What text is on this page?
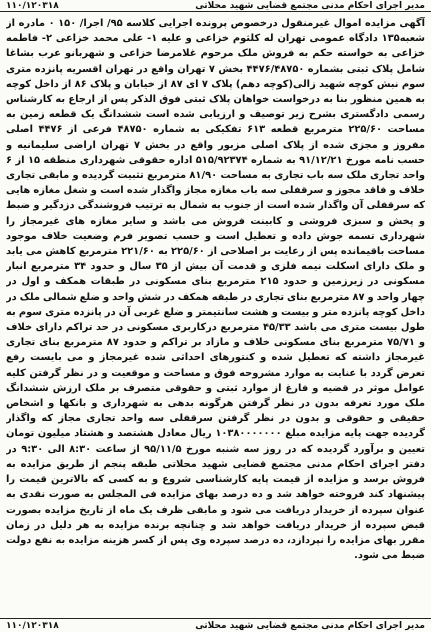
مدیر اجرای احکام مدنی مجتمع قضایی شهید محلاتی
۱۱۰/۱۲۰۳۱۸
آگهی مزایده اموال غیرمنقول درخصوص پرونده اجرایی کلاسه ۹۵/ اجرا/ ۱۵۰ ۰ مادره از شعبه۱۳۵ دادگاه عمومی تهران له کلثوم خزاعی و علیه ۱- علی محمد خزاعی ۲- فاطمه خزاعی به خواسته حکم به فروش ملک مرحوم غلامرضا خزاعی و شهربانو عرب بشاغا شامل پلاک ثبتی بشماره ۴۴۷۶/۴۸۷۵۰ بخش ۷ تهران واقع در تهران اقسریه پانزده متری سوم نبش کوچه شهید زالی(کوچه دهم) پلاک ۷ ای ۸۷ از خیابان و پلاک ۸۶ از داخل کوچه به همین منظور بنا به درخواست خواهان پلاک ثبتی فوق الذکر پس از ارجاع به کارشناس رسمی دادگستری بشرح زیر توصیف و ارزیابی شده است ششدانگ یک قطعه زمین به مساحت ۲۲۵/۶۰ مترمربع قطعه ۶۱۳ تفکیکی به شماره ۴۸۷۵۰ فرعی از ۴۴۷۶ اصلی مفروز و مجزی شده از پلاک اصلی مزبور واقع در بخش ۷ تهران اراضی سلیمانیه و حسب نامه مورخ ۹۱/۱۲/۲۱ به شماره ۵۱۵/۹۲۳۷۴ اداره حقوقی شهرداری منطقه ۱۵ از ۶ واحد تجاری ملک سه باب تجاری به مساحت ۸۱/۹۰ مترمربع تثبیت گردیده و مابقی تجاری خلاف و فاقد مجوز و سرقفلی سه باب مغازه مجاز واگذار شده است و شغل مغازه هایی که سرقفلی آن واگذار شده است از جنوب به شمال به ترتیب فروشندگی دزدگیر و ضبط و پخش و سبزی فروشی و کابینت فروش می باشد و سایر مغازه های غیرمجاز را شهرداری تسمه جوش داده و تعطیل است و حسب تصویر فرم وضعیت خلاف موجود مساحت باقیمانده پس از رعایت بر اصلاحی از ۲۲۵/۶۰ به ۲۲۱/۶۰ مترمربع کاهش می یابد و ملک دارای اسکلت نیمه فلزی و قدمت آن بیش از ۳۵ سال و حدود ۳۴ مترمربع انبار مسکونی در زیرزمین و حدود ۲۱۵ مترمربع بنای مسکونی در طبقات همکف و اول در چهار واحد و ۸۷ مترمربع بنای تجاری در طبقه همکف در شش واحد و ضلع شمالی ملک در داخل کوچه پانزده متر و بیست و هشت سانتیمتر و ضلع غربی آن در پانزده متری سوم به طول بیست متری می باشد ۴۵/۳۳ مترمربع درکاربری مسکونی در حد تراکم دارای خلاف و ۷۵/۷۱ مترمربع بنای مسکونی خلاف و مازاد بر تراکم و حدود ۸۷ مترمربع بنای تجاری غیرمجاز داشته که تعطیل شده و کنتورهای احداثی شده غیرمجاز و می بایست رفع تعرض گردد با عنایت به موارد مشروحه فوق و مساحت و موقعیت و در نظر گرفتن کلیه عوامل موثر در قضیه و فارغ از موارد ثبتی و حقوقی متصرف بر ملک ارزش ششدانگ ملک مورد تعرفه بدون در نظر گرفتن هرگونه بدهی به شهرداری و بانکها و اشخاص حقیقی و حقوقی و بدون در نظر گرفتن سرقفلی سه واحد تجاری مجاز که واگذار گردیده جهت پایه مزایده مبلغ ۱۰۳۸۰۰۰۰۰۰۰ ریال معادل هشتصد و هشتاد میلیون تومان تعیین و برآورد گردیده که در روز سه شنبه مورخ ۹۵/۱۱/۵ از ساعت ۸:۳۰ الی ۹:۳۰ در دفتر اجرای احکام مدنی مجتمع قضایی شهید محلاتی طبقه پنجم از طریق مزایده به فروش برسد و مزایده از قیمت پایه کارشناسی شروع و به کسی که بالاترین قیمت را پیشنهاد کند فروخته خواهد شد و ده درصد بهای مزایده فی المجلس به صورت نقدی به عنوان سپرده از خریدار دریافت می شود و مابقی ظرف یک ماه از تاریخ مزایده بصورت قبض سپرده از خریدار دریافت خواهد شد و چنانچه برنده مزایده به هر دلیل در زمان مقرر بهای مزایده را نپردازد، ده درصد سپرده وی پس از کسر هزینه مزایده به نفع دولت ضبط می شود.
مدیر اجرای احکام مدنی مجتمع قضایی شهید محلاتی
۱۱۰/۱۲۰۳۱۸
